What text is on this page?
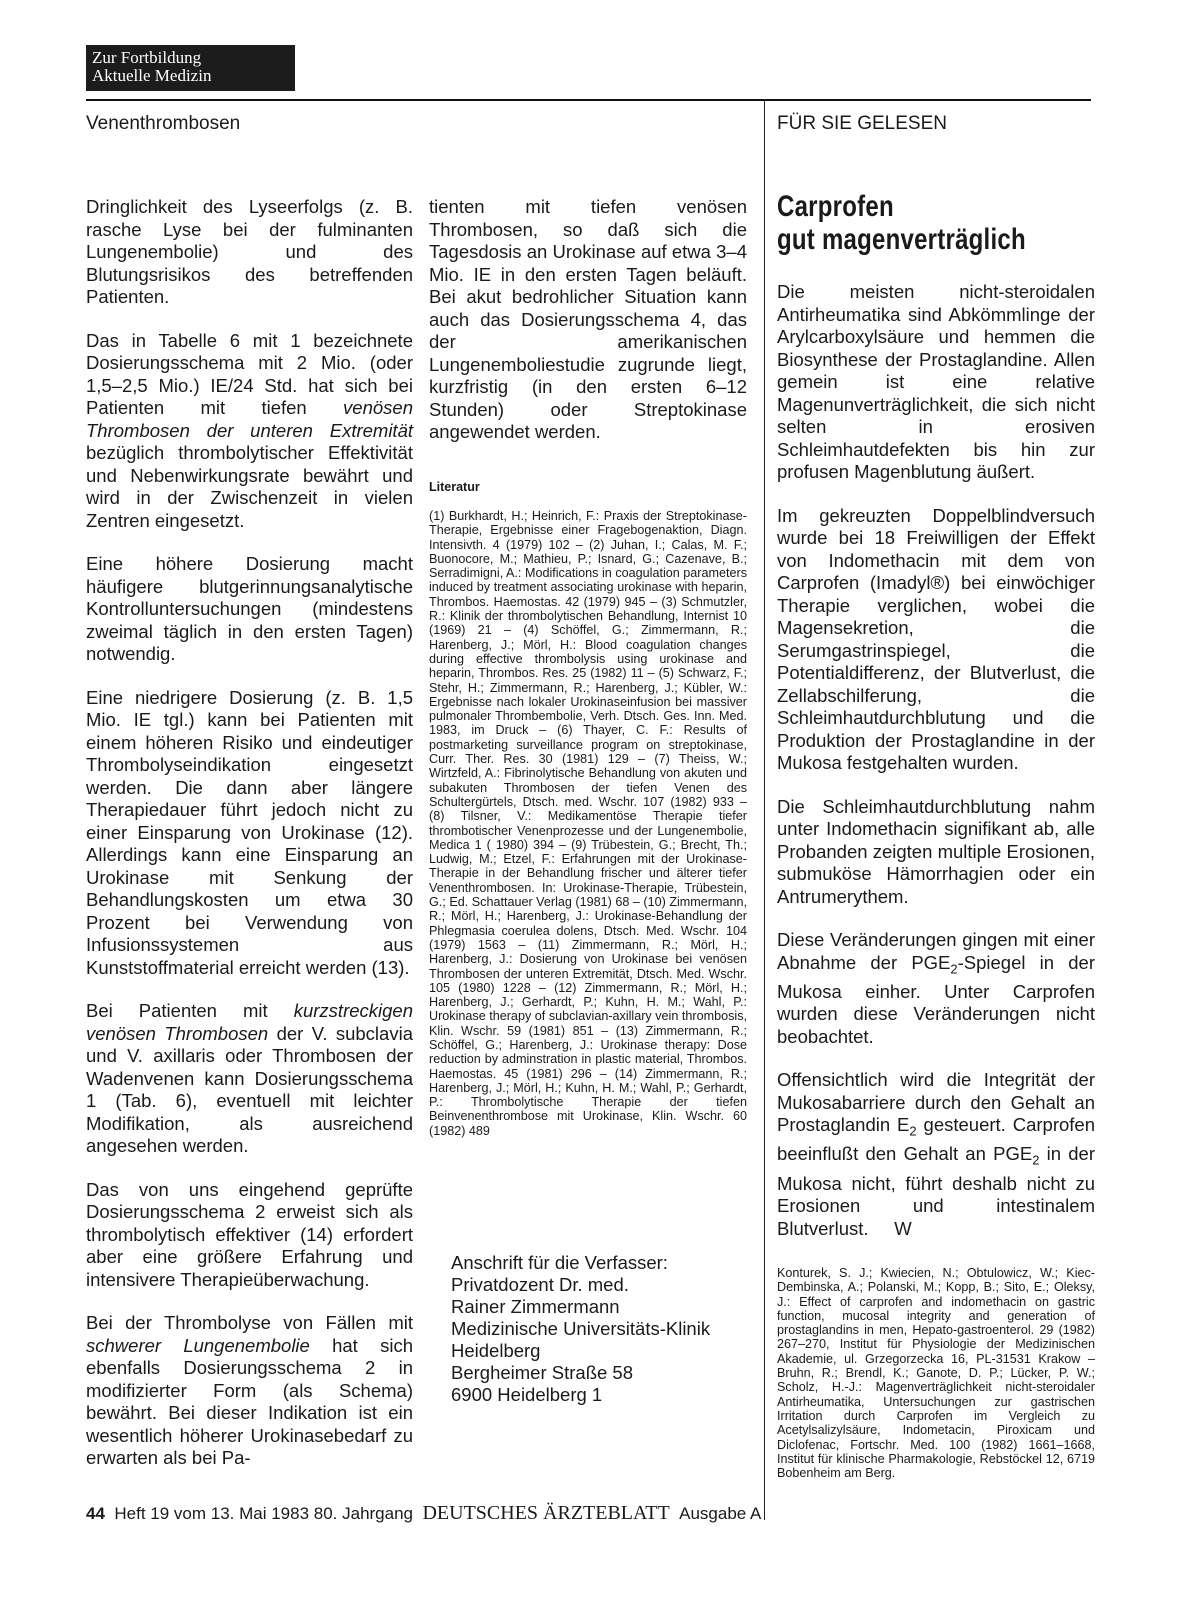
Zur Fortbildung
Aktuelle Medizin
Venenthrombosen	FÜR SIE GELESEN

Dringlichkeit des Lyseerfolgs (z. B. rasche Lyse bei der fulminanten Lungenembolie) und des Blutungsrisikos des betreffenden Patienten.

Das in Tabelle 6 mit 1 bezeichnete Dosierungsschema mit 2 Mio. (oder 1,5–2,5 Mio.) IE/24 Std. hat sich bei Patienten mit tiefen venösen Thrombosen der unteren Extremität bezüglich thrombolytischer Effektivität und Nebenwirkungsrate bewährt und wird in der Zwischenzeit in vielen Zentren eingesetzt.

Eine höhere Dosierung macht häufigere blutgerinnungsanalytische Kontrolluntersuchungen (mindestens zweimal täglich in den ersten Tagen) notwendig.

Eine niedrigere Dosierung (z. B. 1,5 Mio. IE tgl.) kann bei Patienten mit einem höheren Risiko und eindeutiger Thrombolyseindikation eingesetzt werden. Die dann aber längere Therapiedauer führt jedoch nicht zu einer Einsparung von Urokinase (12). Allerdings kann eine Einsparung an Urokinase mit Senkung der Behandlungskosten um etwa 30 Prozent bei Verwendung von Infusionssystemen aus Kunststoffmaterial erreicht werden (13).

Bei Patienten mit kurzstreckigen venösen Thrombosen der V. subclavia und V. axillaris oder Thrombosen der Wadenvenen kann Dosierungsschema 1 (Tab. 6), eventuell mit leichter Modifikation, als ausreichend angesehen werden.

Das von uns eingehend geprüfte Dosierungsschema 2 erweist sich als thrombolytisch effektiver (14) erfordert aber eine größere Erfahrung und intensivere Therapieüberwachung.

Bei der Thrombolyse von Fällen mit schwerer Lungenembolie hat sich ebenfalls Dosierungsschema 2 in modifizierter Form (als Schema) bewährt. Bei dieser Indikation ist ein wesentlich höherer Urokinasebedarf zu erwarten als bei Pa-

tienten mit tiefen venösen Thrombosen, so daß sich die Tagesdosis an Urokinase auf etwa 3–4 Mio. IE in den ersten Tagen beläuft. Bei akut bedrohlicher Situation kann auch das Dosierungsschema 4, das der amerikanischen Lungenemboliestudie zugrunde liegt, kurzfristig (in den ersten 6–12 Stunden) oder Streptokinase angewendet werden.
Literatur
(1) Burkhardt, H.; Heinrich, F.: Praxis der Streptokinase-Therapie, Ergebnisse einer Fragebogenaktion, Diagn. Intensivth. 4 (1979) 102 – (2) Juhan, I.; Calas, M. F.; Buonocore, M.; Mathieu, P.; Isnard, G.; Cazenave, B.; Serradimigni, A.: Modifications in coagulation parameters induced by treatment associating urokinase with heparin, Thrombos. Haemostas. 42 (1979) 945 – (3) Schmutzler, R.: Klinik der thrombolytischen Behandlung, Internist 10 (1969) 21 – (4) Schöffel, G.; Zimmermann, R.; Harenberg, J.; Mörl, H.: Blood coagulation changes during effective thrombolysis using urokinase and heparin, Thrombos. Res. 25 (1982) 11 – (5) Schwarz, F.; Stehr, H.; Zimmermann, R.; Harenberg, J.; Kübler, W.: Ergebnisse nach lokaler Urokinaseinfusion bei massiver pulmonaler Thrombembolie, Verh. Dtsch. Ges. Inn. Med. 1983, im Druck – (6) Thayer, C. F.: Results of postmarketing surveillance program on streptokinase, Curr. Ther. Res. 30 (1981) 129 – (7) Theiss, W.; Wirtzfeld, A.: Fibrinolytische Behandlung von akuten und subakuten Thrombosen der tiefen Venen des Schultergürtels, Dtsch. med. Wschr. 107 (1982) 933 – (8) Tilsner, V.: Medikamentöse Therapie tiefer thrombotischer Venenprozesse und der Lungenembolie, Medica 1 ( 1980) 394 – (9) Trübestein, G.; Brecht, Th.; Ludwig, M.; Etzel, F.: Erfahrungen mit der Urokinase-Therapie in der Behandlung frischer und älterer tiefer Venenthrombosen. In: Urokinase-Therapie, Trübestein, G.; Ed. Schattauer Verlag (1981) 68 – (10) Zimmermann, R.; Mörl, H.; Harenberg, J.: Urokinase-Behandlung der Phlegmasia coerulea dolens, Dtsch. Med. Wschr. 104 (1979) 1563 – (11) Zimmermann, R.; Mörl, H.; Harenberg, J.: Dosierung von Urokinase bei venösen Thrombosen der unteren Extremität, Dtsch. Med. Wschr. 105 (1980) 1228 – (12) Zimmermann, R.; Mörl, H.; Harenberg, J.; Gerhardt, P.; Kuhn, H. M.; Wahl, P.: Urokinase therapy of subclavian-axillary vein thrombosis, Klin. Wschr. 59 (1981) 851 – (13) Zimmermann, R.; Schöffel, G.; Harenberg, J.: Urokinase therapy: Dose reduction by adminstration in plastic material, Thrombos. Haemostas. 45 (1981) 296 – (14) Zimmermann, R.; Harenberg, J.; Mörl, H.; Kuhn, H. M.; Wahl, P.; Gerhardt, P.: Thrombolytische Therapie der tiefen Beinvenenthrombose mit Urokinase, Klin. Wschr. 60 (1982) 489
Anschrift für die Verfasser:
Privatdozent Dr. med.
Rainer Zimmermann
Medizinische Universitäts-Klinik
Heidelberg
Bergheimer Straße 58
6900 Heidelberg 1
Carprofen
gut magenverträglich

Die meisten nicht-steroidalen Antirheumatika sind Abkömmlinge der Arylcarboxylsäure und hemmen die Biosynthese der Prostaglandine. Allen gemein ist eine relative Magenunverträglichkeit, die sich nicht selten in erosiven Schleimhautdefekten bis hin zur profusen Magenblutung äußert.

Im gekreuzten Doppelblindversuch wurde bei 18 Freiwilligen der Effekt von Indomethacin mit dem von Carprofen (Imadyl®) bei einwöchiger Therapie verglichen, wobei die Magensekretion, die Serumgastrinspiegel, die Potentialdifferenz, der Blutverlust, die Zellabschilferung, die Schleimhautdurchblutung und die Produktion der Prostaglandine in der Mukosa festgehalten wurden.

Die Schleimhautdurchblutung nahm unter Indomethacin signifikant ab, alle Probanden zeigten multiple Erosionen, submuköse Hämorrhagien oder ein Antrumerythem.

Diese Veränderungen gingen mit einer Abnahme der $PGE_2$-Spiegel in der Mukosa einher. Unter Carprofen wurden diese Veränderungen nicht beobachtet.

Offensichtlich wird die Integrität der Mukosabarriere durch den Gehalt an Prostaglandin $E_2$ gesteuert. Carprofen beeinflußt den Gehalt an $PGE_2$ in der Mukosa nicht, führt deshalb nicht zu Erosionen und intestinalem Blutverlust. W

Konturek, S. J.; Kwiecien, N.; Obtulowicz, W.; Kiec-Dembinska, A.; Polanski, M.; Kopp, B.; Sito, E.; Oleksy, J.: Effect of carprofen and indomethacin on gastric function, mucosal integrity and generation of prostaglandins in men, Hepato-gastroenterol. 29 (1982) 267–270, Institut für Physiologie der Medizinischen Akademie, ul. Grzegorzecka 16, PL-31531 Krakow – Bruhn, R.; Brendl, K.; Ganote, D. P.; Lücker, P. W.; Scholz, H.-J.: Magenverträglichkeit nicht-steroidaler Antirheumatika, Untersuchungen zur gastrischen Irritation durch Carprofen im Vergleich zu Acetylsalizylsäure, Indometacin, Piroxicam und Diclofenac, Fortschr. Med. 100 (1982) 1661–1668, Institut für klinische Pharmakologie, Rebstöckel 12, 6719 Bobenheim am Berg.
44 Heft 19 vom 13. Mai 1983 80. Jahrgang DEUTSCHES ÄRZTEBLATT Ausgabe A
